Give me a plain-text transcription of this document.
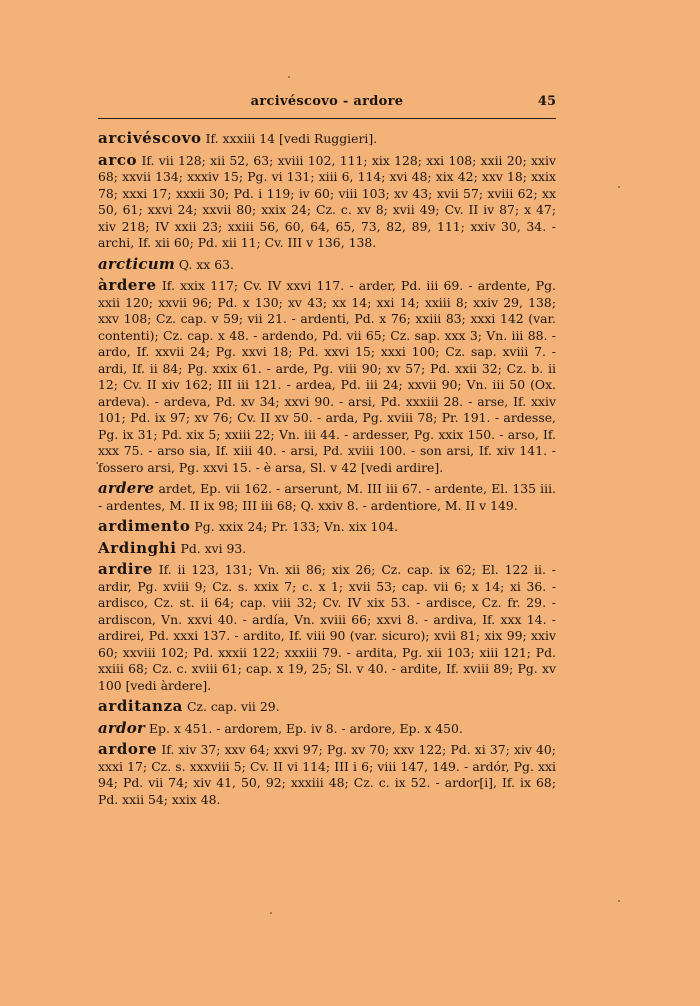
arcivéscovo - ardore	45

arcivéscovo If. xxxiii 14 [vedi Ruggieri].

arco If. vii 128; xii 52, 63; xviii 102, 111; xix 128; xxi 108; xxii 20; xxiv 68; xxvii 134; xxxiv 15; Pg. vi 131; xiii 6, 114; xvi 48; xix 42; xxv 18; xxix 78; xxxi 17; xxxii 30; Pd. i 119; iv 60; viii 103; xv 43; xvii 57; xviii 62; xx 50, 61; xxvi 24; xxvii 80; xxix 24; Cz. c. xv 8; xvii 49; Cv. II iv 87; x 47; xiv 218; IV xxii 23; xxiii 56, 60, 64, 65, 73, 82, 89, 111; xxiv 30, 34. - archi, If. xii 60; Pd. xii 11; Cv. III v 136, 138.

arcticum Q. xx 63.

àrdere If. xxix 117; Cv. IV xxvi 117. - arder, Pd. iii 69. - ardente, Pg. xxii 120; xxvii 96; Pd. x 130; xv 43; xx 14; xxi 14; xxiii 8; xxiv 29, 138; xxv 108; Cz. cap. v 59; vii 21. - ardenti, Pd. x 76; xxiii 83; xxxi 142 (var. contenti); Cz. cap. x 48. - ardendo, Pd. vii 65; Cz. sap. xxx 3; Vn. iii 88. - ardo, If. xxvii 24; Pg. xxvi 18; Pd. xxvi 15; xxxi 100; Cz. sap. xviii 7. - ardi, If. ii 84; Pg. xxix 61. - arde, Pg. viii 90; xv 57; Pd. xxii 32; Cz. b. ii 12; Cv. II xiv 162; III iii 121. - ardea, Pd. iii 24; xxvii 90; Vn. iii 50 (Ox. ardeva). - ardeva, Pd. xv 34; xxvi 90. - arsi, Pd. xxxiii 28. - arse, If. xxiv 101; Pd. ix 97; xv 76; Cv. II xv 50. - arda, Pg. xviii 78; Pr. 191. - ardesse, Pg. ix 31; Pd. xix 5; xxiii 22; Vn. iii 44. - ardesser, Pg. xxix 150. - arso, If. xxx 75. - arso sia, If. xiii 40. - arsi, Pd. xviii 100. - son arsi, If. xiv 141. - fossero arsi, Pg. xxvi 15. - è arsa, Sl. v 42 [vedi ardire].

ardere ardet, Ep. vii 162. - arserunt, M. III iii 67. - ardente, El. 135 iii. - ardentes, M. II ix 98; III iii 68; Q. xxiv 8. - ardentiore, M. II v 149.

ardimento Pg. xxix 24; Pr. 133; Vn. xix 104.

Ardinghi Pd. xvi 93.

ardire If. ii 123, 131; Vn. xii 86; xix 26; Cz. cap. ix 62; El. 122 ii. - ardir, Pg. xviii 9; Cz. s. xxix 7; c. x 1; xvii 53; cap. vii 6; x 14; xi 36. - ardisco, Cz. st. ii 64; cap. viii 32; Cv. IV xix 53. - ardisce, Cz. fr. 29. - ardiscon, Vn. xxvi 40. - ardía, Vn. xviii 66; xxvi 8. - ardiva, If. xxx 14. - ardirei, Pd. xxxi 137. - ardito, If. viii 90 (var. sicuro); xvii 81; xix 99; xxiv 60; xxviii 102; Pd. xxxii 122; xxxiii 79. - ardita, Pg. xii 103; xiii 121; Pd. xxiii 68; Cz. c. xviii 61; cap. x 19, 25; Sl. v 40. - ardite, If. xviii 89; Pg. xv 100 [vedi àrdere].

arditanza Cz. cap. vii 29.

ardor Ep. x 451. - ardorem, Ep. iv 8. - ardore, Ep. x 450.

ardore If. xiv 37; xxv 64; xxvi 97; Pg. xv 70; xxv 122; Pd. xi 37; xiv 40; xxxi 17; Cz. s. xxxviii 5; Cv. II vi 114; III i 6; viii 147, 149. - ardór, Pg. xxi 94; Pd. vii 74; xiv 41, 50, 92; xxxiii 48; Cz. c. ix 52. - ardor[i], If. ix 68; Pd. xxii 54; xxix 48.
